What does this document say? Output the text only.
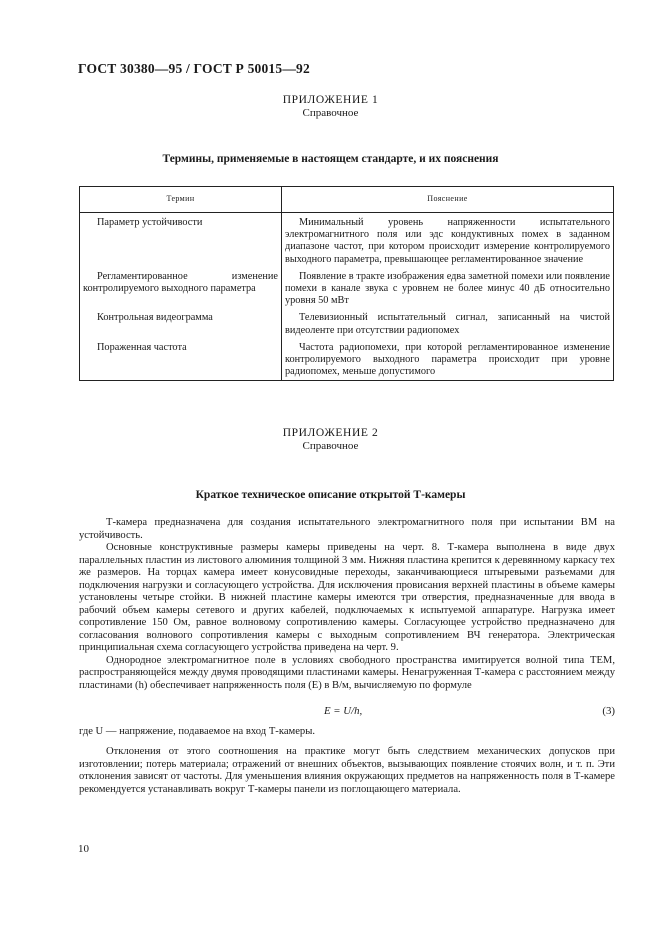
ГОСТ 30380—95 / ГОСТ Р 50015—92
ПРИЛОЖЕНИЕ 1
Справочное
Термины, применяемые в настоящем стандарте, и их пояснения
Термин	Пояснение
Параметр устойчивости	Минимальный уровень напряженности испытательного электромагнитного поля или эдс кондуктивных помех в заданном диапазоне частот, при котором происходит измерение контролируемого выходного параметра, превышающее регламентированное значение
Регламентированное изменение контролируемого выходного параметра	Появление в тракте изображения едва заметной помехи или появление помехи в канале звука с уровнем не более минус 40 дБ относительно уровня 50 мВт
Контрольная видеограмма	Телевизионный испытательный сигнал, записанный на чистой видеоленте при отсутствии радиопомех
Пораженная частота	Частота радиопомехи, при которой регламентированное изменение контролируемого выходного параметра происходит при уровне радиопомех, меньше допустимого
ПРИЛОЖЕНИЕ 2
Справочное
Краткое техническое описание открытой Т-камеры

Т-камера предназначена для создания испытательного электромагнитного поля при испытании ВМ на устойчивость.

Основные конструктивные размеры камеры приведены на черт. 8. Т-камера выполнена в виде двух параллельных пластин из листового алюминия толщиной 3 мм. Нижняя пластина крепится к деревянному каркасу тех же размеров. На торцах камера имеет конусовидные переходы, заканчивающиеся штыревыми разъемами для подключения нагрузки и согласующего устройства. Для исключения провисания верхней пластины в объеме камеры установлены четыре стойки. В нижней пластине камеры имеются три отверстия, предназначенные для ввода в рабочий объем камеры сетевого и других кабелей, подключаемых к испытуемой аппаратуре. Нагрузка имеет сопротивление 150 Ом, равное волновому сопротивлению камеры. Согласующее устройство предназначено для согласования волнового сопротивления камеры с выходным сопротивлением ВЧ генератора. Электрическая принципиальная схема согласующего устройства приведена на черт. 9.

Однородное электромагнитное поле в условиях свободного пространства имитируется волной типа ТЕМ, распространяющейся между двумя проводящими пластинами камеры. Ненагруженная Т-камера с расстоянием между пластинами (h) обеспечивает напряженность поля (E) в В/м, вычисляемую по формуле

E = U/h,	(3)
где U — напряжение, подаваемое на вход Т-камеры.

Отклонения от этого соотношения на практике могут быть следствием механических допусков при изготовлении; потерь материала; отражений от внешних объектов, вызывающих появление стоячих волн, и т. п. Эти отклонения зависят от частоты. Для уменьшения влияния окружающих предметов на напряженность поля в Т-камере рекомендуется устанавливать вокруг Т-камеры панели из поглощающего материала.

10
